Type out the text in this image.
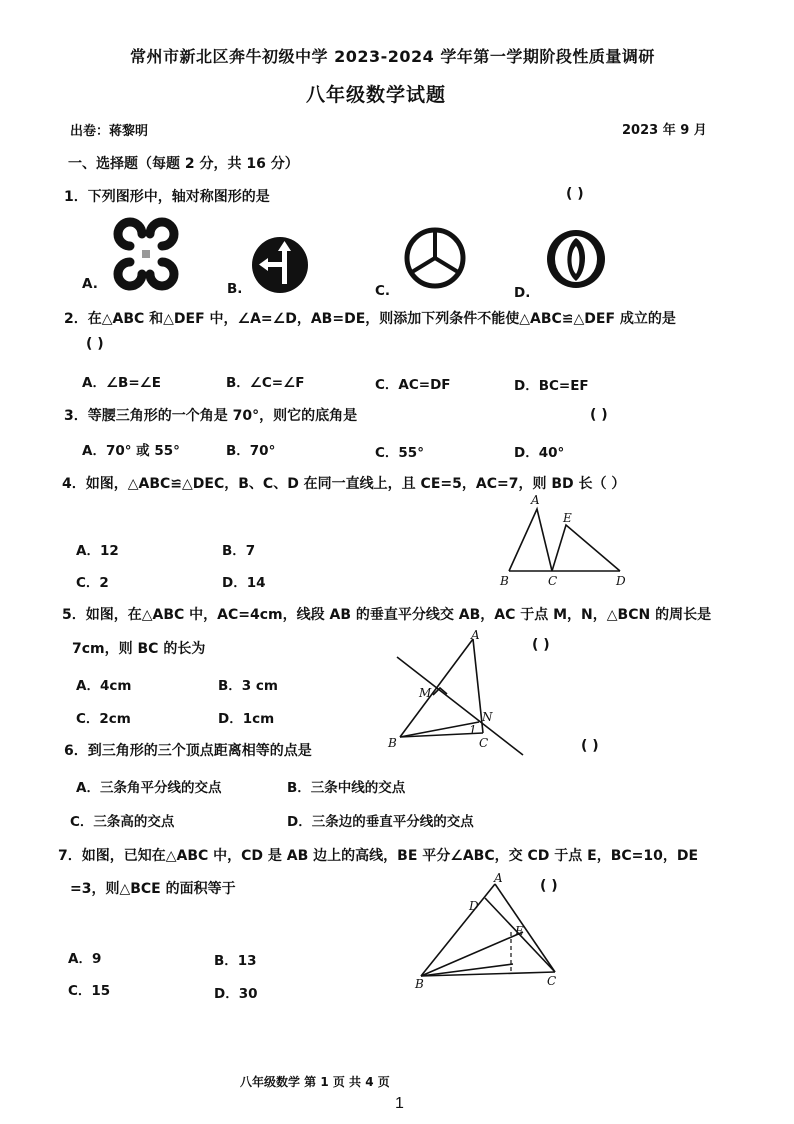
常州市新北区奔牛初级中学 2023-2024 学年第一学期阶段性质量调研
八年级数学试题
出卷：蒋黎明	2023 年 9 月
一、选择题（每题 2 分，共 16 分）
1．下列图形中，轴对称图形的是	( )
A.	B.	C.	D.
2．在△ABC 和△DEF 中，∠A=∠D，AB=DE，则添加下列条件不能使△ABC≌△DEF 成立的是
( )
A．∠B=∠E	B．∠C=∠F	C．AC=DF	D．BC=EF
3．等腰三角形的一个角是 70°，则它的底角是	( )
A．70° 或 55°	B．70°	C．55°	D．40°
4．如图，△ABC≌△DEC，B、C、D 在同一直线上，且 CE=5，AC=7，则 BD 长（ ）
A．12	B．7
C．2	D．14
A
E
B	C	D
5．如图，在△ABC 中，AC=4cm，线段 AB 的垂直平分线交 AB，AC 于点 M，N，△BCN 的周长是
7cm，则 BC 的长为	( )
A．4cm	B．3 cm
C．2cm	D．1cm
M
A
N
1
B	C
6．到三角形的三个顶点距离相等的点是	( )
A．三条角平分线的交点	B．三条中线的交点
C．三条高的交点	D．三条边的垂直平分线的交点
7．如图，已知在△ABC 中，CD 是 AB 边上的高线，BE 平分∠ABC，交 CD 于点 E，BC=10，DE
=3，则△BCE 的面积等于	( )
A．9	B．13
C．15	D．30
A
D
E
B	C
八年级数学 第 1 页 共 4 页
1
